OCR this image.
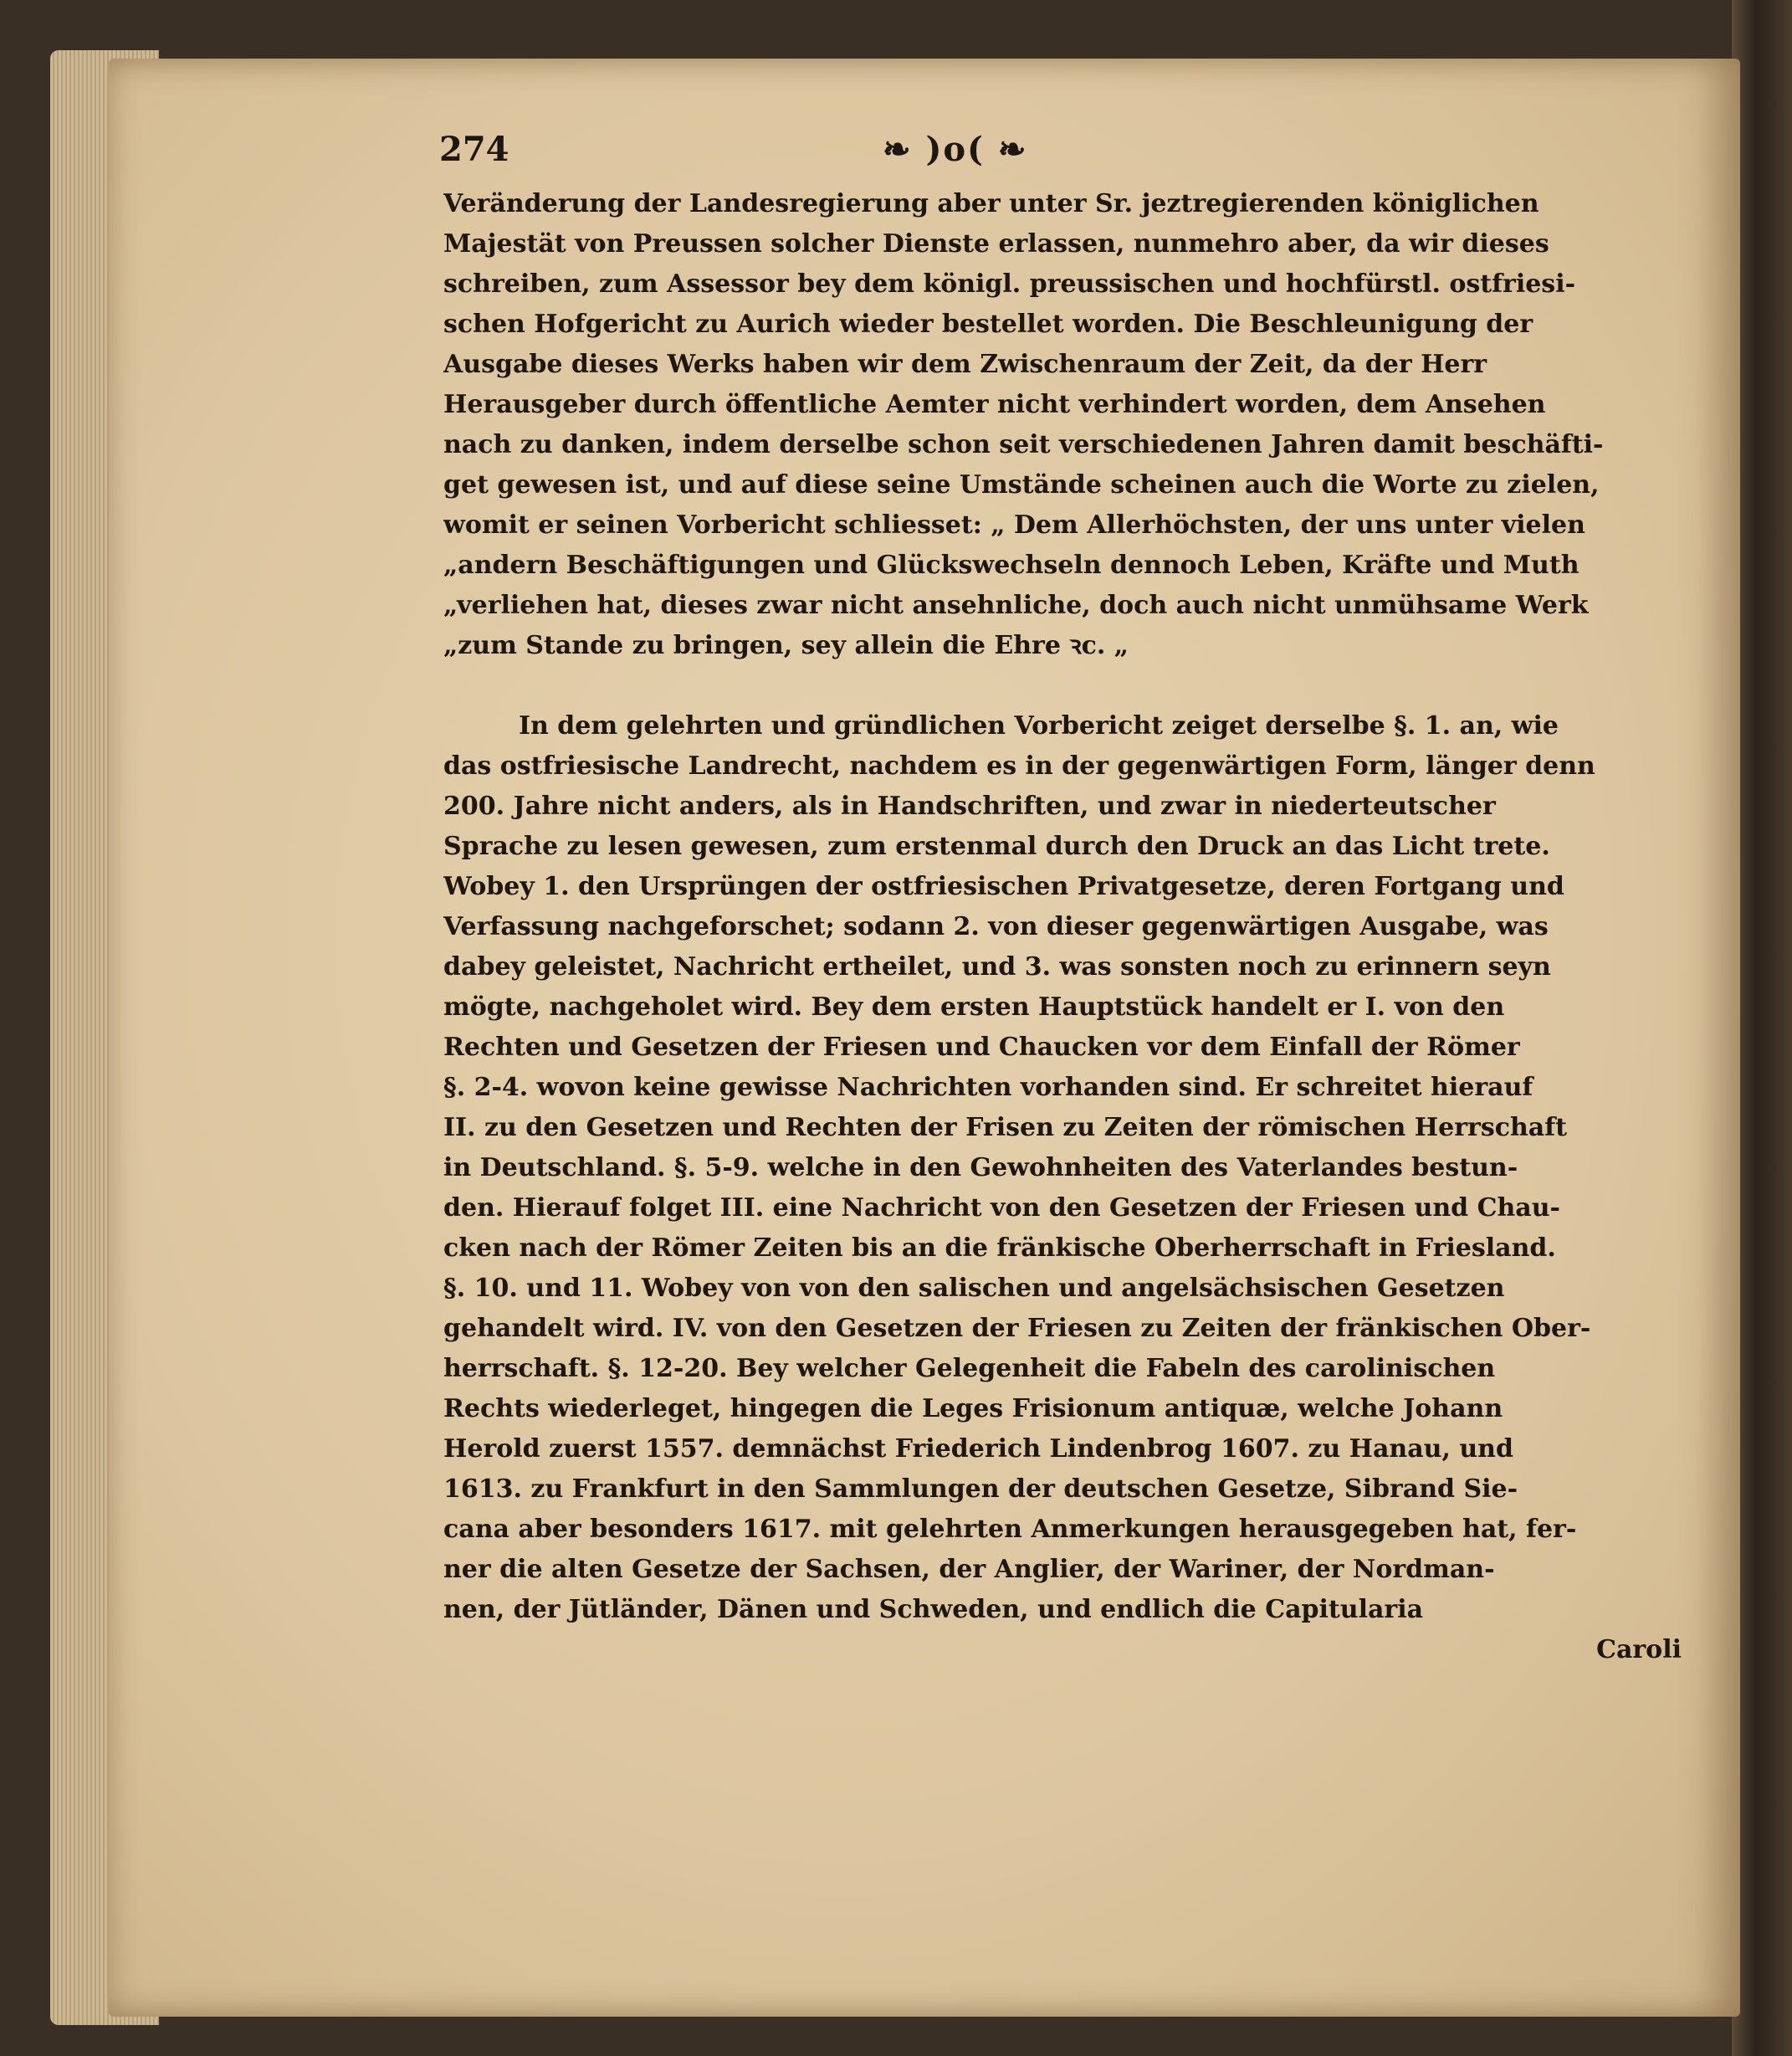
274	❧ )o( ❧
Veränderung der Landesregierung aber unter Sr. jeztregierenden königlichen
Majestät von Preussen solcher Dienste erlassen, nunmehro aber, da wir dieses
schreiben, zum Assessor bey dem königl. preussischen und hochfürstl. ostfriesi-
schen Hofgericht zu Aurich wieder bestellet worden. Die Beschleunigung der
Ausgabe dieses Werks haben wir dem Zwischenraum der Zeit, da der Herr
Herausgeber durch öffentliche Aemter nicht verhindert worden, dem Ansehen
nach zu danken, indem derselbe schon seit verschiedenen Jahren damit beschäfti-
get gewesen ist, und auf diese seine Umstände scheinen auch die Worte zu zielen,
womit er seinen Vorbericht schliesset: „ Dem Allerhöchsten, der uns unter vielen
„andern Beschäftigungen und Glückswechseln dennoch Leben, Kräfte und Muth
„verliehen hat, dieses zwar nicht ansehnliche, doch auch nicht unmühsame Werk
„zum Stande zu bringen, sey allein die Ehre ꝛc. „
In dem gelehrten und gründlichen Vorbericht zeiget derselbe §. 1. an, wie
das ostfriesische Landrecht, nachdem es in der gegenwärtigen Form, länger denn
200. Jahre nicht anders, als in Handschriften, und zwar in niederteutscher
Sprache zu lesen gewesen, zum erstenmal durch den Druck an das Licht trete.
Wobey 1. den Ursprüngen der ostfriesischen Privatgesetze, deren Fortgang und
Verfassung nachgeforschet; sodann 2. von dieser gegenwärtigen Ausgabe, was
dabey geleistet, Nachricht ertheilet, und 3. was sonsten noch zu erinnern seyn
mögte, nachgeholet wird. Bey dem ersten Hauptstück handelt er I. von den
Rechten und Gesetzen der Friesen und Chaucken vor dem Einfall der Römer
§. 2-4. wovon keine gewisse Nachrichten vorhanden sind. Er schreitet hierauf
II. zu den Gesetzen und Rechten der Frisen zu Zeiten der römischen Herrschaft
in Deutschland. §. 5-9. welche in den Gewohnheiten des Vaterlandes bestun-
den. Hierauf folget III. eine Nachricht von den Gesetzen der Friesen und Chau-
cken nach der Römer Zeiten bis an die fränkische Oberherrschaft in Friesland.
§. 10. und 11. Wobey von von den salischen und angelsächsischen Gesetzen
gehandelt wird. IV. von den Gesetzen der Friesen zu Zeiten der fränkischen Ober-
herrschaft. §. 12-20. Bey welcher Gelegenheit die Fabeln des carolinischen
Rechts wiederleget, hingegen die Leges Frisionum antiquæ, welche Johann
Herold zuerst 1557. demnächst Friederich Lindenbrog 1607. zu Hanau, und
1613. zu Frankfurt in den Sammlungen der deutschen Gesetze, Sibrand Sie-
cana aber besonders 1617. mit gelehrten Anmerkungen herausgegeben hat, fer-
ner die alten Gesetze der Sachsen, der Anglier, der Wariner, der Nordman-
nen, der Jütländer, Dänen und Schweden, und endlich die Capitularia
Caroli
